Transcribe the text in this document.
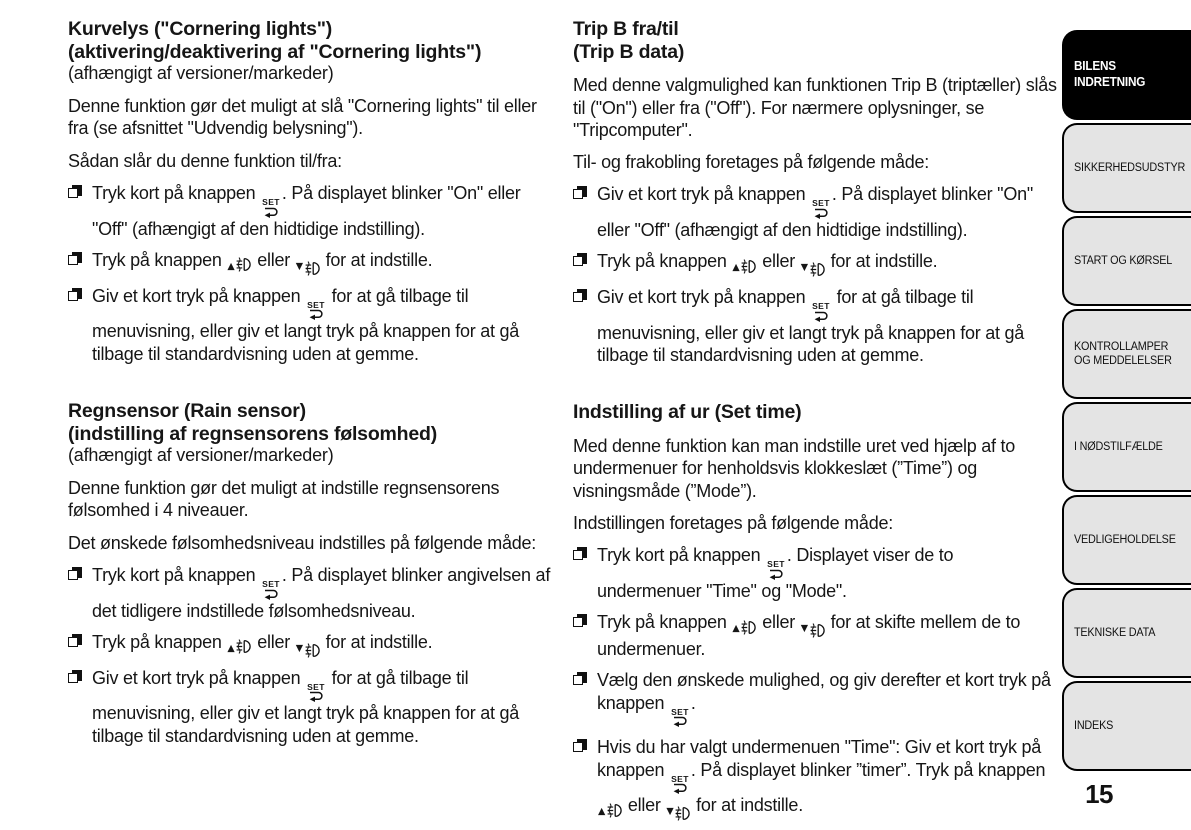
Kurvelys ("Cornering lights")
(aktivering/deaktivering af "Cornering lights")
(afhængigt af versioner/markeder)

Denne funktion gør det muligt at slå "Cornering lights" til eller fra (se afsnittet "Udvendig belysning").

Sådan slår du denne funktion til/fra:

Tryk kort på knappen SET . På displayet blinker "On" eller "Off" (afhængigt af den hidtidige indstilling).
Tryk på knappen ▲ eller ▼ for at indstille.
Giv et kort tryk på knappen SET for at gå tilbage til menuvisning, eller giv et langt tryk på knappen for at gå tilbage til standardvisning uden at gemme.
Regnsensor (Rain sensor)
(indstilling af regnsensorens følsomhed)
(afhængigt af versioner/markeder)

Denne funktion gør det muligt at indstille regnsensorens følsomhed i 4 niveauer.

Det ønskede følsomhedsniveau indstilles på følgende måde:

Tryk kort på knappen SET . På displayet blinker angivelsen af det tidligere indstillede følsomhedsniveau.
Tryk på knappen ▲ eller ▼ for at indstille.
Giv et kort tryk på knappen SET for at gå tilbage til menuvisning, eller giv et langt tryk på knappen for at gå tilbage til standardvisning uden at gemme.
Trip B fra/til
(Trip B data)

Med denne valgmulighed kan funktionen Trip B (triptæller) slås til ("On") eller fra ("Off"). For nærmere oplysninger, se "Tripcomputer".

Til- og frakobling foretages på følgende måde:

Giv et kort tryk på knappen SET . På displayet blinker "On" eller "Off" (afhængigt af den hidtidige indstilling).
Tryk på knappen ▲ eller ▼ for at indstille.
Giv et kort tryk på knappen SET for at gå tilbage til menuvisning, eller giv et langt tryk på knappen for at gå tilbage til standardvisning uden at gemme.
Indstilling af ur (Set time)

Med denne funktion kan man indstille uret ved hjælp af to undermenuer for henholdsvis klokkeslæt (”Time”) og visningsmåde (”Mode”).

Indstillingen foretages på følgende måde:

Tryk kort på knappen SET . Displayet viser de to undermenuer "Time" og "Mode".
Tryk på knappen ▲ eller ▼ for at skifte mellem de to undermenuer.
Vælg den ønskede mulighed, og giv derefter et kort tryk på knappen SET .
Hvis du har valgt undermenuen "Time": Giv et kort tryk på knappen SET . På displayet blinker ”timer”. Tryk på knappen
▲ eller ▼ for at indstille.
BILENS INDRETNING
SIKKERHEDSUDSTYR
START OG KØRSEL
KONTROLLAMPER OG MEDDELELSER
I NØDSTILFÆLDE
VEDLIGEHOLDELSE
TEKNISKE DATA
INDEKS
15
